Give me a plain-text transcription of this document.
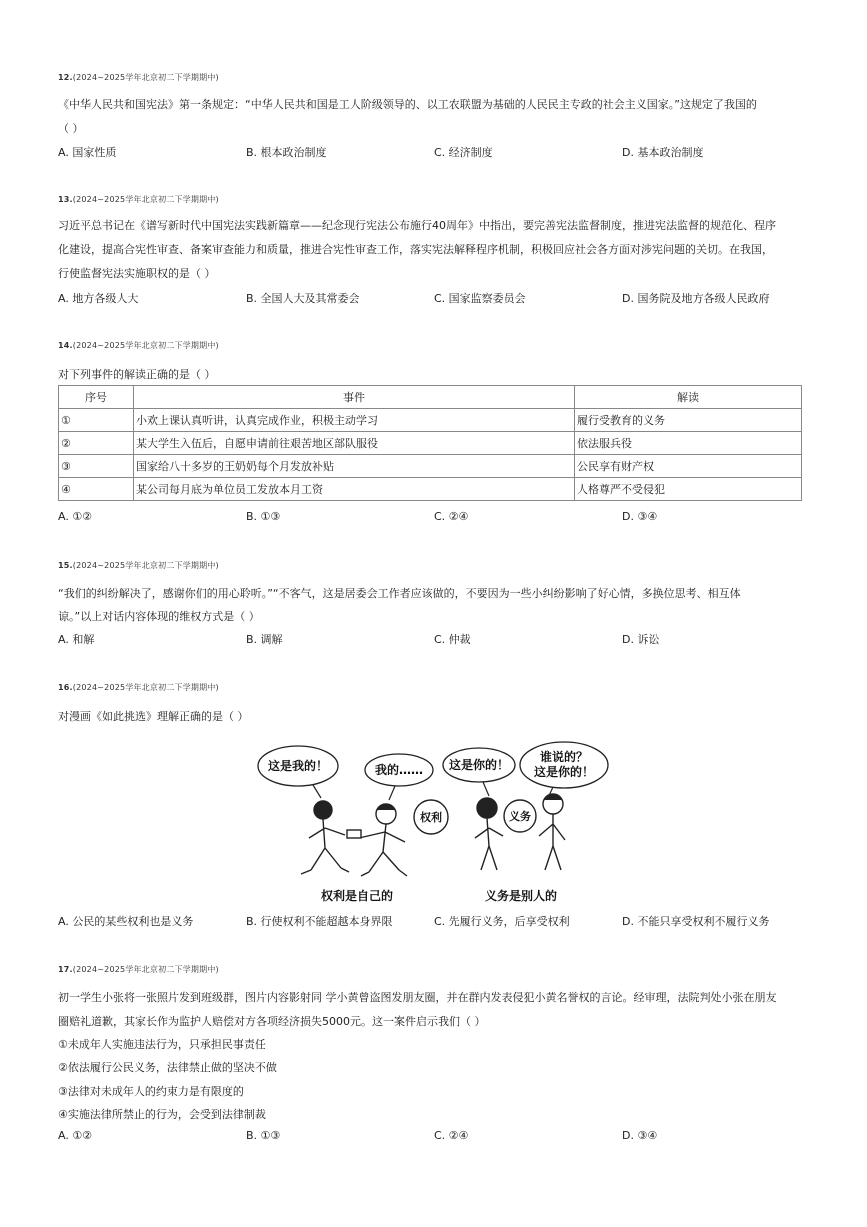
12.(2024~2025学年北京初二下学期期中)
《中华人民共和国宪法》第一条规定：“中华人民共和国是工人阶级领导的、以工农联盟为基础的人民民主专政的社会主义国家。”这规定了我国的
（ ）
A. 国家性质	B. 根本政治制度	C. 经济制度	D. 基本政治制度
13.(2024~2025学年北京初二下学期期中)
习近平总书记在《谱写新时代中国宪法实践新篇章——纪念现行宪法公布施行40周年》中指出，要完善宪法监督制度，推进宪法监督的规范化、程序
化建设，提高合宪性审查、备案审查能力和质量，推进合宪性审查工作，落实宪法解释程序机制，积极回应社会各方面对涉宪问题的关切。在我国，
行使监督宪法实施职权的是（ ）
A. 地方各级人大	B. 全国人大及其常委会	C. 国家监察委员会	D. 国务院及地方各级人民政府
14.(2024~2025学年北京初二下学期期中)
对下列事件的解读正确的是（ ）
序号	事件	解读
①	小欢上课认真听讲，认真完成作业，积极主动学习	履行受教育的义务
②	某大学生入伍后，自愿申请前往艰苦地区部队服役	依法服兵役
③	国家给八十多岁的王奶奶每个月发放补贴	公民享有财产权
④	某公司每月底为单位员工发放本月工资	人格尊严不受侵犯
A. ①②	B. ①③	C. ②④	D. ③④
15.(2024~2025学年北京初二下学期期中)
“我们的纠纷解决了，感谢你们的用心聆听。”“不客气，这是居委会工作者应该做的，不要因为一些小纠纷影响了好心情，多换位思考、相互体
谅。”以上对话内容体现的维权方式是（ ）
A. 和解	B. 调解	C. 仲裁	D. 诉讼
16.(2024~2025学年北京初二下学期期中)
对漫画《如此挑选》理解正确的是（ ）
这是我的！	我的…… 这是你的！
谁说的？
这是你的！
权利	义务
权利是自己的	义务是别人的
A. 公民的某些权利也是义务	B. 行使权利不能超越本身界限	C. 先履行义务，后享受权利	D. 不能只享受权利不履行义务
17.(2024~2025学年北京初二下学期期中)
初一学生小张将一张照片发到班级群，图片内容影射同 学小黄曾盗图发朋友圈，并在群内发表侵犯小黄名誉权的言论。经审理，法院判处小张在朋友
圈赔礼道歉，其家长作为监护人赔偿对方各项经济损失5000元。这一案件启示我们（ ）
①未成年人实施违法行为，只承担民事责任
②依法履行公民义务，法律禁止做的坚决不做
③法律对未成年人的约束力是有限度的
④实施法律所禁止的行为，会受到法律制裁
A. ①②	B. ①③	C. ②④	D. ③④
